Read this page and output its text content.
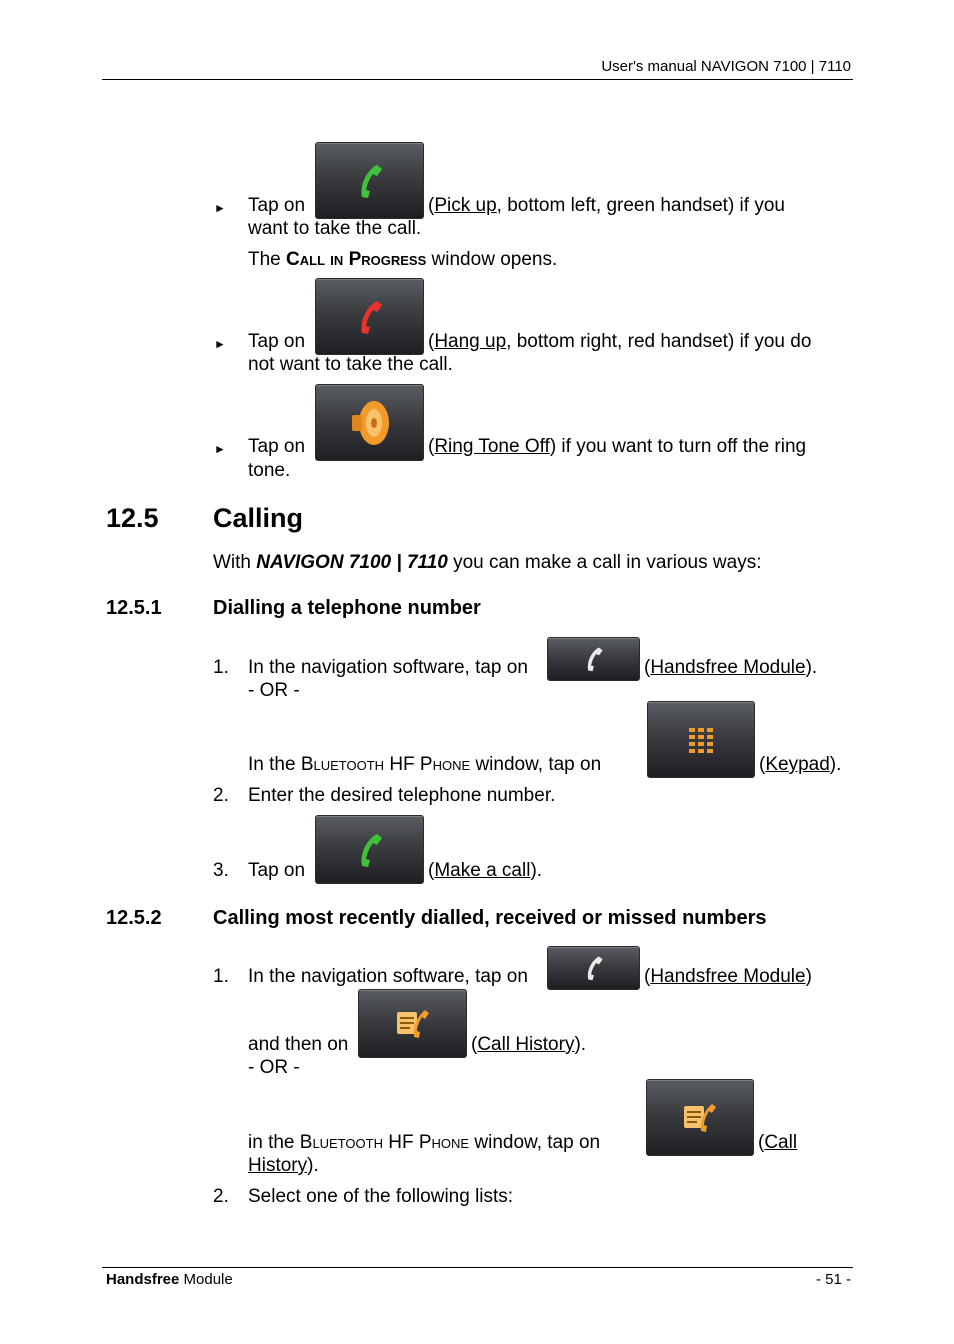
User's manual NAVIGON 7100 | 7110
► Tap on	(Pick up, bottom left, green handset) if you
want to take the call.
The Call in Progress window opens.
► Tap on	(Hang up, bottom right, red handset) if you do
not want to take the call.
► Tap on	(Ring Tone Off) if you want to turn off the ring
tone.
12.5 Calling
With NAVIGON 7100 | 7110 you can make a call in various ways:
12.5.1	Dialling a telephone number
1. In the navigation software, tap on	(Handsfree Module).
- OR -
In the Bluetooth HF Phone window, tap on	(Keypad).
2. Enter the desired telephone number.
3. Tap on	(Make a call).
12.5.2	Calling most recently dialled, received or missed numbers
1. In the navigation software, tap on	(Handsfree Module)
and then on	(Call History).
- OR -
in the Bluetooth HF Phone window, tap on	(Call
History).
2. Select one of the following lists:
Handsfree Module	- 51 -
